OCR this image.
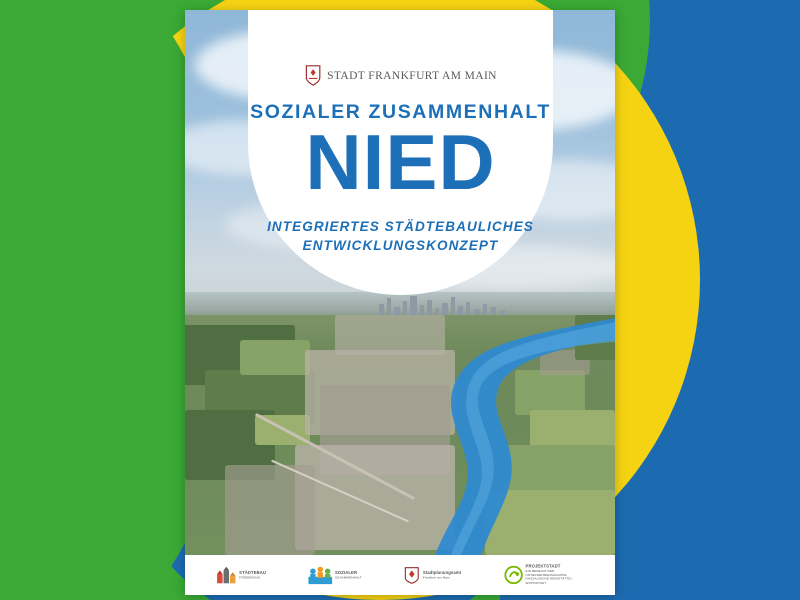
STADT FRANKFURT AM MAIN
SOZIALER ZUSAMMENHALT
NIED
INTEGRIERTES STÄDTEBAULICHES
ENTWICKLUNGSKONZEPT
STÄDTEBAU
FÖRDERUNG
SOZIALER
ZUSAMMENHALT
Stadtplanungsamt
Frankfurt am Main
PROJEKTSTADT
EIN BEREICH DER UNTERNEHMENSGRUPPE NASSAUISCHE HEIMSTÄTTE | WOHNSTADT
